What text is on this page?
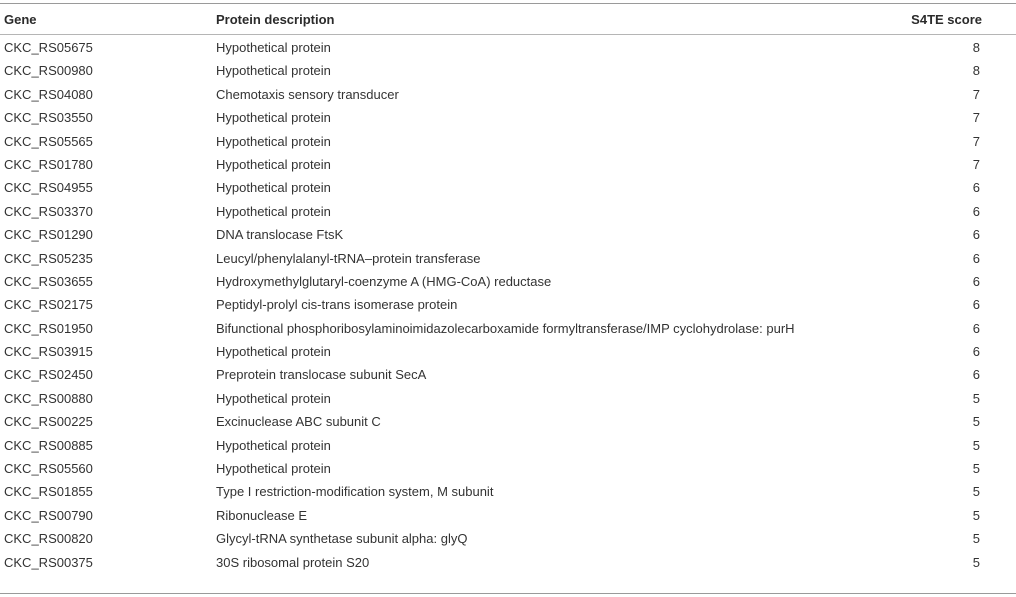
Gene	Protein description	S4TE score
CKC_RS05675	Hypothetical protein	8
CKC_RS00980	Hypothetical protein	8
CKC_RS04080	Chemotaxis sensory transducer	7
CKC_RS03550	Hypothetical protein	7
CKC_RS05565	Hypothetical protein	7
CKC_RS01780	Hypothetical protein	7
CKC_RS04955	Hypothetical protein	6
CKC_RS03370	Hypothetical protein	6
CKC_RS01290	DNA translocase FtsK	6
CKC_RS05235	Leucyl/phenylalanyl-tRNA–protein transferase	6
CKC_RS03655	Hydroxymethylglutaryl-coenzyme A (HMG-CoA) reductase	6
CKC_RS02175	Peptidyl-prolyl cis-trans isomerase protein	6
CKC_RS01950	Bifunctional phosphoribosylaminoimidazolecarboxamide formyltransferase/IMP cyclohydrolase: purH	6
CKC_RS03915	Hypothetical protein	6
CKC_RS02450	Preprotein translocase subunit SecA	6
CKC_RS00880	Hypothetical protein	5
CKC_RS00225	Excinuclease ABC subunit C	5
CKC_RS00885	Hypothetical protein	5
CKC_RS05560	Hypothetical protein	5
CKC_RS01855	Type I restriction-modification system, M subunit	5
CKC_RS00790	Ribonuclease E	5
CKC_RS00820	Glycyl-tRNA synthetase subunit alpha: glyQ	5
CKC_RS00375	30S ribosomal protein S20	5
